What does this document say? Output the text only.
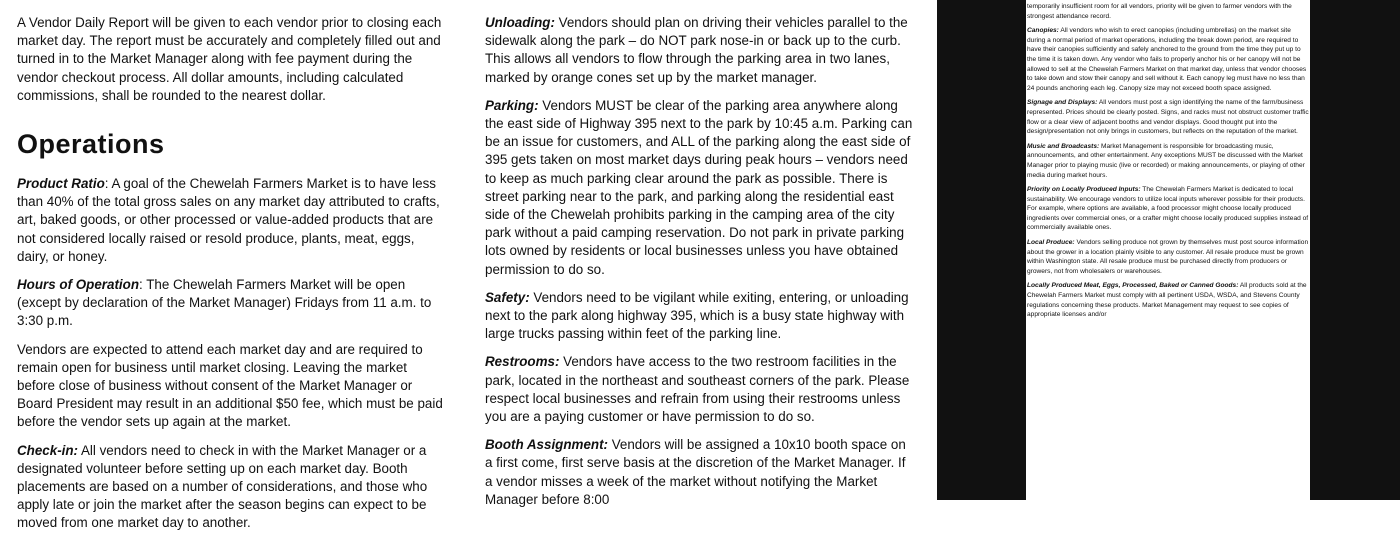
A Vendor Daily Report will be given to each vendor prior to closing each market day. The report must be accurately and completely filled out and turned in to the Market Manager along with fee payment during the vendor checkout process. All dollar amounts, including calculated commissions, shall be rounded to the nearest dollar.

Operations

Product Ratio: A goal of the Chewelah Farmers Market is to have less than 40% of the total gross sales on any market day attributed to crafts, art, baked goods, or other processed or value-added products that are not considered locally raised or resold produce, plants, meat, eggs, dairy, or honey.

Hours of Operation: The Chewelah Farmers Market will be open (except by declaration of the Market Manager) Fridays from 11 a.m. to 3:30 p.m.

Vendors are expected to attend each market day and are required to remain open for business until market closing. Leaving the market before close of business without consent of the Market Manager or Board President may result in an additional $50 fee, which must be paid before the vendor sets up again at the market.

Check-in: All vendors need to check in with the Market Manager or a designated volunteer before setting up on each market day. Booth placements are based on a number of considerations, and those who apply late or join the market after the season begins can expect to be moved from one market day to another.

Unloading: Vendors should plan on driving their vehicles parallel to the sidewalk along the park – do NOT park nose-in or back up to the curb. This allows all vendors to flow through the parking area in two lanes, marked by orange cones set up by the market manager.

Parking: Vendors MUST be clear of the parking area anywhere along the east side of Highway 395 next to the park by 10:45 a.m. Parking can be an issue for customers, and ALL of the parking along the east side of 395 gets taken on most market days during peak hours – vendors need to keep as much parking clear around the park as possible. There is street parking near to the park, and parking along the residential east side of the Chewelah prohibits parking in the camping area of the city park without a paid camping reservation. Do not park in private parking lots owned by residents or local businesses unless you have obtained permission to do so.

Safety: Vendors need to be vigilant while exiting, entering, or unloading next to the park along highway 395, which is a busy state highway with large trucks passing within feet of the parking line.

Restrooms: Vendors have access to the two restroom facilities in the park, located in the northeast and southeast corners of the park. Please respect local businesses and refrain from using their restrooms unless you are a paying customer or have permission to do so.

Booth Assignment: Vendors will be assigned a 10x10 booth space on a first come, first serve basis at the discretion of the Market Manager. If a vendor misses a week of the market without notifying the Market Manager before 8:00

temporarily insufficient room for all vendors, priority will be given to farmer vendors with the strongest attendance record.

Canopies: All vendors who wish to erect canopies (including umbrellas) on the market site during a normal period of market operations, including the break down period, are required to have their canopies sufficiently and safely anchored to the ground from the time they put up to the time it is taken down. Any vendor who fails to properly anchor his or her canopy will not be allowed to sell at the Chewelah Farmers Market on that market day, unless that vendor chooses to take down and stow their canopy and sell without it. Each canopy leg must have no less than 24 pounds anchoring each leg. Canopy size may not exceed booth space assigned.

Signage and Displays: All vendors must post a sign identifying the name of the farm/business represented. Prices should be clearly posted. Signs, and racks must not obstruct customer traffic flow or a clear view of adjacent booths and vendor displays. Good thought put into the design/presentation not only brings in customers, but reflects on the reputation of the market.

Music and Broadcasts: Market Management is responsible for broadcasting music, announcements, and other entertainment. Any exceptions MUST be discussed with the Market Manager prior to playing music (live or recorded) or making announcements, or playing of other media during market hours.

Priority on Locally Produced Inputs: The Chewelah Farmers Market is dedicated to local sustainability. We encourage vendors to utilize local inputs wherever possible for their products. For example, where options are available, a food processor might choose locally produced ingredients over commercial ones, or a crafter might choose locally produced supplies instead of commercially available ones.

Local Produce: Vendors selling produce not grown by themselves must post source information about the grower in a location plainly visible to any customer. All resale produce must be grown within Washington state. All resale produce must be purchased directly from producers or growers, not from wholesalers or warehouses.

Locally Produced Meat, Eggs, Processed, Baked or Canned Goods: All products sold at the Chewelah Farmers Market must comply with all pertinent USDA, WSDA, and Stevens County regulations concerning these products. Market Management may request to see copies of appropriate licenses and/or
